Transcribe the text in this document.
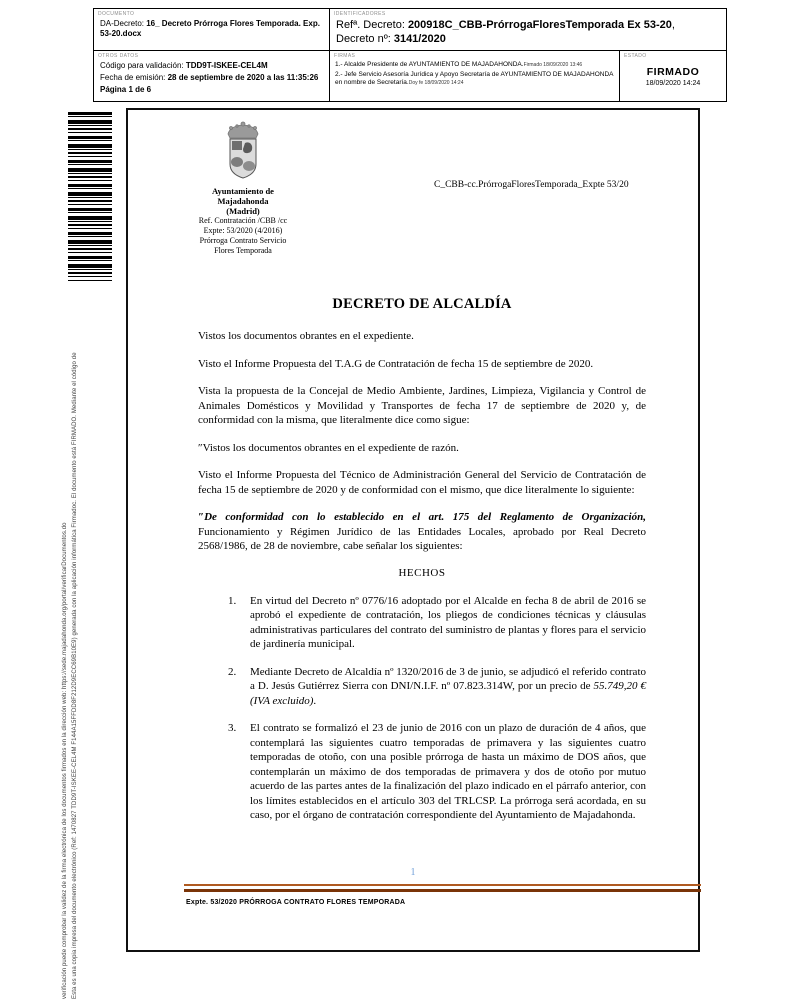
DOCUMENTO
DA-Decreto: 16_ Decreto Prórroga Flores Temporada. Exp. 53-20.docx
IDENTIFICADORES
Refª. Decreto: 200918C_CBB-PrórrogaFloresTemporada Ex 53-20,
Decreto nº: 3141/2020
OTROS DATOS
Código para validación: TDD9T-ISKEE-CEL4M
Fecha de emisión: 28 de septiembre de 2020 a las 11:35:26
Página 1 de 6
FIRMAS
1.- Alcalde Presidente de AYUNTAMIENTO DE MAJADAHONDA.Firmado 18/09/2020 13:46
2.- Jefe Servicio Asesoría Jurídica y Apoyo Secretaría de AYUNTAMIENTO DE MAJADAHONDA en nombre de Secretaría.Doy fe 18/09/2020 14:24
ESTADO
FIRMADO
18/09/2020 14:24
Esta es una copia impresa del documento electrónico (Ref: 1470827 TDD9T-ISKEE-CEL4M F144A15FFDD8F212D9ECC69B10E9) generada con la aplicación informática Firmadoc. El documento está FIRMADO. Mediante el código de
verificación puede comprobar la validez de la firma electrónica de los documentos firmados en la dirección web: https://sede.majadahonda.org/portal/verificarDocumentos.do
Ayuntamiento de
Majadahonda
(Madrid)
Ref. Contratación /CBB /cc
Expte: 53/2020 (4/2016)
Prórroga Contrato Servicio
Flores Temporada
C_CBB-cc.PrórrogaFloresTemporada_Expte 53/20
DECRETO DE ALCALDÍA

Vistos los documentos obrantes en el expediente.

Visto el Informe Propuesta del T.A.G de Contratación de fecha 15 de septiembre de 2020.

Vista la propuesta de la Concejal de Medio Ambiente, Jardines, Limpieza, Vigilancia y Control de Animales Domésticos y Movilidad y Transportes de fecha 17 de septiembre de 2020 y, de conformidad con la misma, que literalmente dice como sigue:

″Vistos los documentos obrantes en el expediente de razón.

Visto el Informe Propuesta del Técnico de Administración General del Servicio de Contratación de fecha 15 de septiembre de 2020 y de conformidad con el mismo, que dice literalmente lo siguiente:

″De conformidad con lo establecido en el art. 175 del Reglamento de Organización, Funcionamiento y Régimen Jurídico de las Entidades Locales, aprobado por Real Decreto 2568/1986, de 28 de noviembre, cabe señalar los siguientes:

HECHOS
1.	En virtud del Decreto nº 0776/16 adoptado por el Alcalde en fecha 8 de abril de 2016 se aprobó el expediente de contratación, los pliegos de condiciones técnicas y cláusulas administrativas particulares del contrato del suministro de plantas y flores para el servicio de jardinería municipal.
2.	Mediante Decreto de Alcaldía nº 1320/2016 de 3 de junio, se adjudicó el referido contrato a D. Jesús Gutiérrez Sierra con DNI/N.I.F. nº 07.823.314W, por un precio de 55.749,20 € (IVA excluido).
3.	El contrato se formalizó el 23 de junio de 2016 con un plazo de duración de 4 años, que contemplará las siguientes cuatro temporadas de primavera y las siguientes cuatro temporadas de otoño, con una posible prórroga de hasta un máximo de DOS años, que contemplarán un máximo de dos temporadas de primavera y dos de otoño por mutuo acuerdo de las partes antes de la finalización del plazo indicado en el párrafo anterior, con los límites establecidos en el artículo 303 del TRLCSP. La prórroga será acordada, en su caso, por el órgano de contratación correspondiente del Ayuntamiento de Majadahonda.
1
Expte. 53/2020 PRÓRROGA CONTRATO FLORES TEMPORADA
